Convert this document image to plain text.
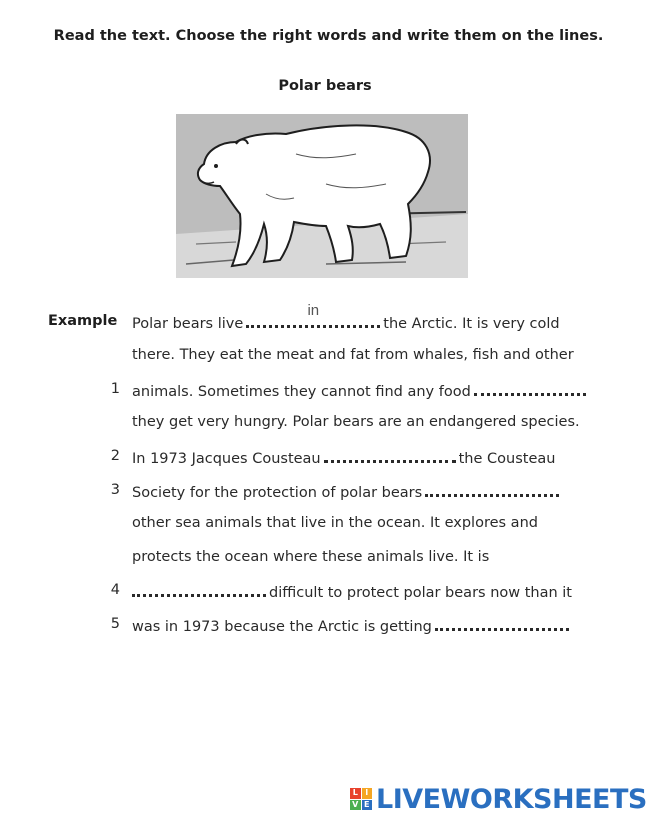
Read the text. Choose the right words and write them on the lines.
Polar bears
Example Polar bears live
in
the Arctic. It is very cold
there. They eat the meat and fat from whales, fish and other
1 animals. Sometimes they cannot find any food
they get very hungry. Polar bears are an endangered species.
2 In 1973 Jacques Cousteau	the Cousteau
3 Society for the protection of polar bears
other sea animals that live in the ocean. It explores and
protects the ocean where these animals live. It is
4	difficult to protect polar bears now than it
5 was in 1973 because the Arctic is getting
L I
V E LIVEWORKSHEETS
